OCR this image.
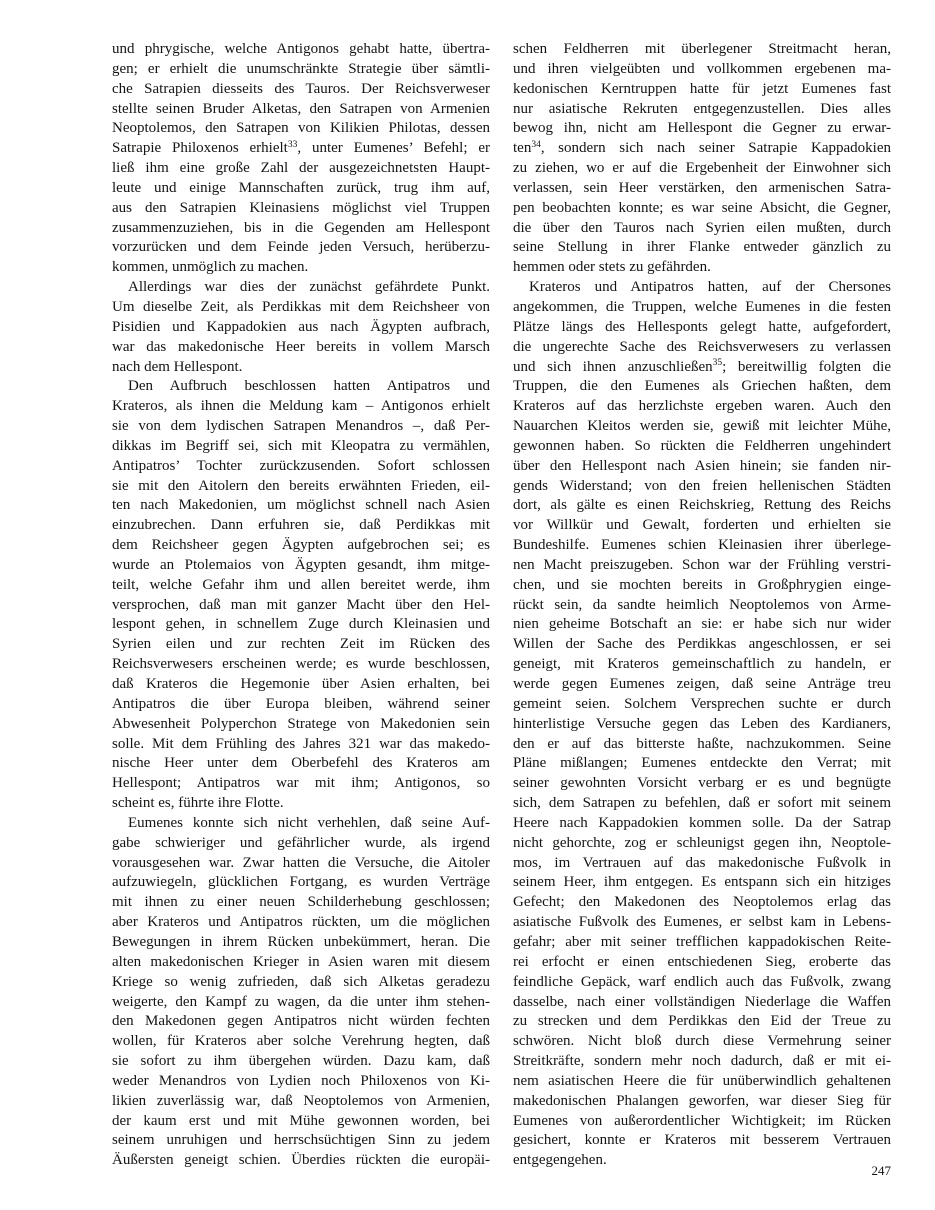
und phrygische, welche Antigonos gehabt hatte, übertra-
gen; er erhielt die unumschränkte Strategie über sämtli-
che Satrapien diesseits des Tauros. Der Reichsverweser
stellte seinen Bruder Alketas, den Satrapen von Armenien
Neoptolemos, den Satrapen von Kilikien Philotas, dessen
Satrapie Philoxenos erhielt$^{33}$, unter Eumenes’ Befehl; er
ließ ihm eine große Zahl der ausgezeichnetsten Haupt-
leute und einige Mannschaften zurück, trug ihm auf,
aus den Satrapien Kleinasiens möglichst viel Truppen
zusammenzuziehen, bis in die Gegenden am Hellespont
vorzurücken und dem Feinde jeden Versuch, herüberzu-
kommen, unmöglich zu machen.
Allerdings war dies der zunächst gefährdete Punkt.
Um dieselbe Zeit, als Perdikkas mit dem Reichsheer von
Pisidien und Kappadokien aus nach Ägypten aufbrach,
war das makedonische Heer bereits in vollem Marsch
nach dem Hellespont.
Den Aufbruch beschlossen hatten Antipatros und
Krateros, als ihnen die Meldung kam – Antigonos erhielt
sie von dem lydischen Satrapen Menandros –, daß Per-
dikkas im Begriff sei, sich mit Kleopatra zu vermählen,
Antipatros’ Tochter zurückzusenden. Sofort schlossen
sie mit den Aitolern den bereits erwähnten Frieden, eil-
ten nach Makedonien, um möglichst schnell nach Asien
einzubrechen. Dann erfuhren sie, daß Perdikkas mit
dem Reichsheer gegen Ägypten aufgebrochen sei; es
wurde an Ptolemaios von Ägypten gesandt, ihm mitge-
teilt, welche Gefahr ihm und allen bereitet werde, ihm
versprochen, daß man mit ganzer Macht über den Hel-
lespont gehen, in schnellem Zuge durch Kleinasien und
Syrien eilen und zur rechten Zeit im Rücken des
Reichsverwesers erscheinen werde; es wurde beschlossen,
daß Krateros die Hegemonie über Asien erhalten, bei
Antipatros die über Europa bleiben, während seiner
Abwesenheit Polyperchon Stratege von Makedonien sein
solle. Mit dem Frühling des Jahres 321 war das makedo-
nische Heer unter dem Oberbefehl des Krateros am
Hellespont; Antipatros war mit ihm; Antigonos, so
scheint es, führte ihre Flotte.
Eumenes konnte sich nicht verhehlen, daß seine Auf-
gabe schwieriger und gefährlicher wurde, als irgend
vorausgesehen war. Zwar hatten die Versuche, die Aitoler
aufzuwiegeln, glücklichen Fortgang, es wurden Verträge
mit ihnen zu einer neuen Schilderhebung geschlossen;
aber Krateros und Antipatros rückten, um die möglichen
Bewegungen in ihrem Rücken unbekümmert, heran. Die
alten makedonischen Krieger in Asien waren mit diesem
Kriege so wenig zufrieden, daß sich Alketas geradezu
weigerte, den Kampf zu wagen, da die unter ihm stehen-
den Makedonen gegen Antipatros nicht würden fechten
wollen, für Krateros aber solche Verehrung hegten, daß
sie sofort zu ihm übergehen würden. Dazu kam, daß
weder Menandros von Lydien noch Philoxenos von Ki-
likien zuverlässig war, daß Neoptolemos von Armenien,
der kaum erst und mit Mühe gewonnen worden, bei
seinem unruhigen und herrschsüchtigen Sinn zu jedem
Äußersten geneigt schien. Überdies rückten die europäi-
schen Feldherren mit überlegener Streitmacht heran,
und ihren vielgeübten und vollkommen ergebenen ma-
kedonischen Kerntruppen hatte für jetzt Eumenes fast
nur asiatische Rekruten entgegenzustellen. Dies alles
bewog ihn, nicht am Hellespont die Gegner zu erwar-
ten$^{34}$, sondern sich nach seiner Satrapie Kappadokien
zu ziehen, wo er auf die Ergebenheit der Einwohner sich
verlassen, sein Heer verstärken, den armenischen Satra-
pen beobachten konnte; es war seine Absicht, die Gegner,
die über den Tauros nach Syrien eilen mußten, durch
seine Stellung in ihrer Flanke entweder gänzlich zu
hemmen oder stets zu gefährden.
Krateros und Antipatros hatten, auf der Chersones
angekommen, die Truppen, welche Eumenes in die festen
Plätze längs des Hellesponts gelegt hatte, aufgefordert,
die ungerechte Sache des Reichsverwesers zu verlassen
und sich ihnen anzuschließen$^{35}$; bereitwillig folgten die
Truppen, die den Eumenes als Griechen haßten, dem
Krateros auf das herzlichste ergeben waren. Auch den
Nauarchen Kleitos werden sie, gewiß mit leichter Mühe,
gewonnen haben. So rückten die Feldherren ungehindert
über den Hellespont nach Asien hinein; sie fanden nir-
gends Widerstand; von den freien hellenischen Städten
dort, als gälte es einen Reichskrieg, Rettung des Reichs
vor Willkür und Gewalt, forderten und erhielten sie
Bundeshilfe. Eumenes schien Kleinasien ihrer überlege-
nen Macht preiszugeben. Schon war der Frühling verstri-
chen, und sie mochten bereits in Großphrygien einge-
rückt sein, da sandte heimlich Neoptolemos von Arme-
nien geheime Botschaft an sie: er habe sich nur wider
Willen der Sache des Perdikkas angeschlossen, er sei
geneigt, mit Krateros gemeinschaftlich zu handeln, er
werde gegen Eumenes zeigen, daß seine Anträge treu
gemeint seien. Solchem Versprechen suchte er durch
hinterlistige Versuche gegen das Leben des Kardianers,
den er auf das bitterste haßte, nachzukommen. Seine
Pläne mißlangen; Eumenes entdeckte den Verrat; mit
seiner gewohnten Vorsicht verbarg er es und begnügte
sich, dem Satrapen zu befehlen, daß er sofort mit seinem
Heere nach Kappadokien kommen solle. Da der Satrap
nicht gehorchte, zog er schleunigst gegen ihn, Neoptole-
mos, im Vertrauen auf das makedonische Fußvolk in
seinem Heer, ihm entgegen. Es entspann sich ein hitziges
Gefecht; den Makedonen des Neoptolemos erlag das
asiatische Fußvolk des Eumenes, er selbst kam in Lebens-
gefahr; aber mit seiner trefflichen kappadokischen Reite-
rei erfocht er einen entschiedenen Sieg, eroberte das
feindliche Gepäck, warf endlich auch das Fußvolk, zwang
dasselbe, nach einer vollständigen Niederlage die Waffen
zu strecken und dem Perdikkas den Eid der Treue zu
schwören. Nicht bloß durch diese Vermehrung seiner
Streitkräfte, sondern mehr noch dadurch, daß er mit ei-
nem asiatischen Heere die für unüberwindlich gehaltenen
makedonischen Phalangen geworfen, war dieser Sieg für
Eumenes von außerordentlicher Wichtigkeit; im Rücken
gesichert, konnte er Krateros mit besserem Vertrauen
entgegengehen.
247
